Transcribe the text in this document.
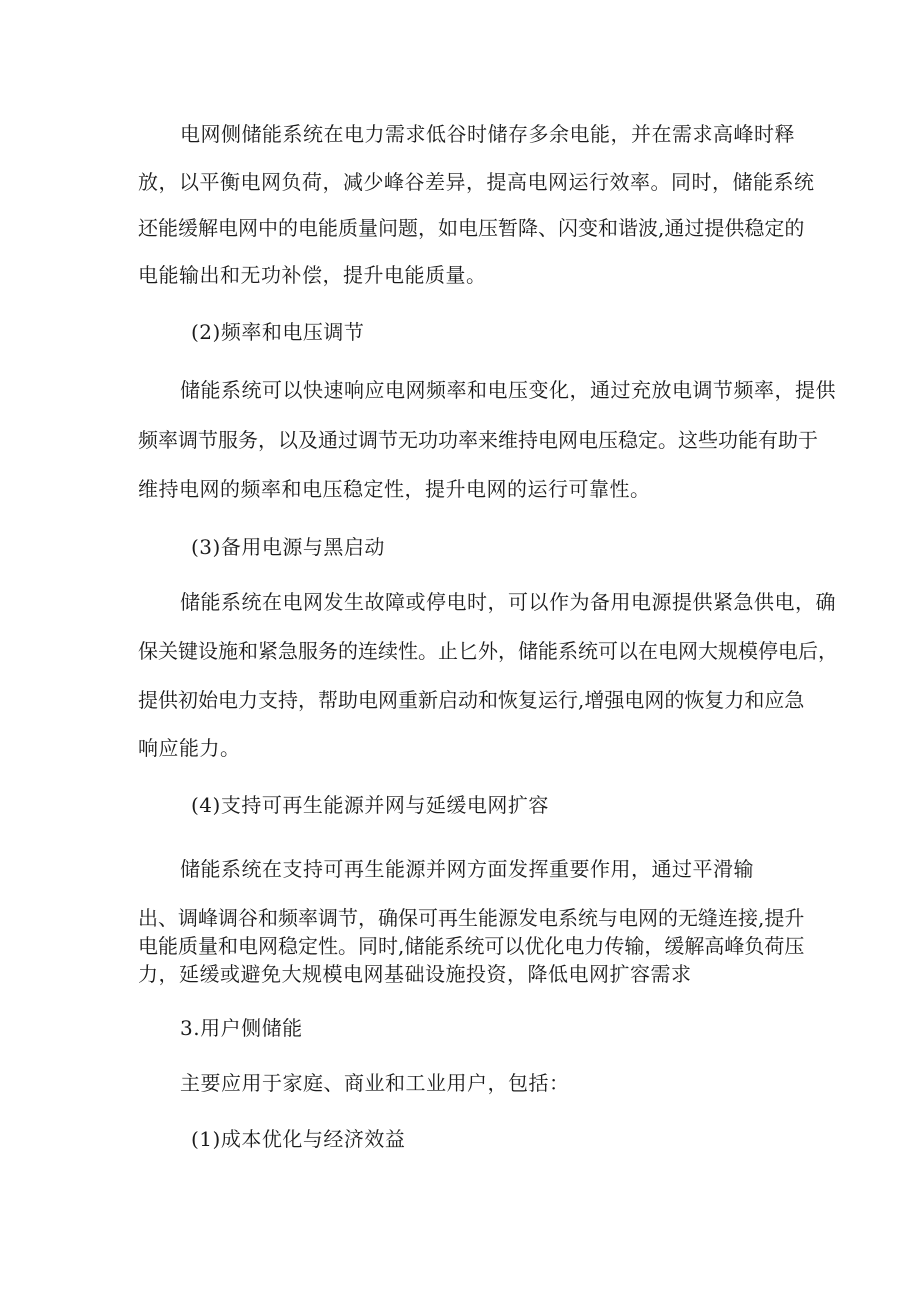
电网侧储能系统在电力需求低谷时储存多余电能，并在需求高峰时释
放，以平衡电网负荷，减少峰谷差异，提高电网运行效率。同时，储能系统
还能缓解电网中的电能质量问题，如电压暂降、闪变和谐波,通过提供稳定的
电能输出和无功补偿，提升电能质量。
(2)频率和电压调节
储能系统可以快速响应电网频率和电压变化，通过充放电调节频率，提供
频率调节服务，以及通过调节无功功率来维持电网电压稳定。这些功能有助于
维持电网的频率和电压稳定性，提升电网的运行可靠性。
(3)备用电源与黑启动
储能系统在电网发生故障或停电时，可以作为备用电源提供紧急供电，确
保关键设施和紧急服务的连续性。止匕外，储能系统可以在电网大规模停电后，
提供初始电力支持，帮助电网重新启动和恢复运行,增强电网的恢复力和应急
响应能力。
(4)支持可再生能源并网与延缓电网扩容
储能系统在支持可再生能源并网方面发挥重要作用，通过平滑输
出、调峰调谷和频率调节，确保可再生能源发电系统与电网的无缝连接,提升
电能质量和电网稳定性。同时,储能系统可以优化电力传输，缓解高峰负荷压
力，延缓或避免大规模电网基础设施投资，降低电网扩容需求
3.用户侧储能
主要应用于家庭、商业和工业用户，包括：
(1)成本优化与经济效益
